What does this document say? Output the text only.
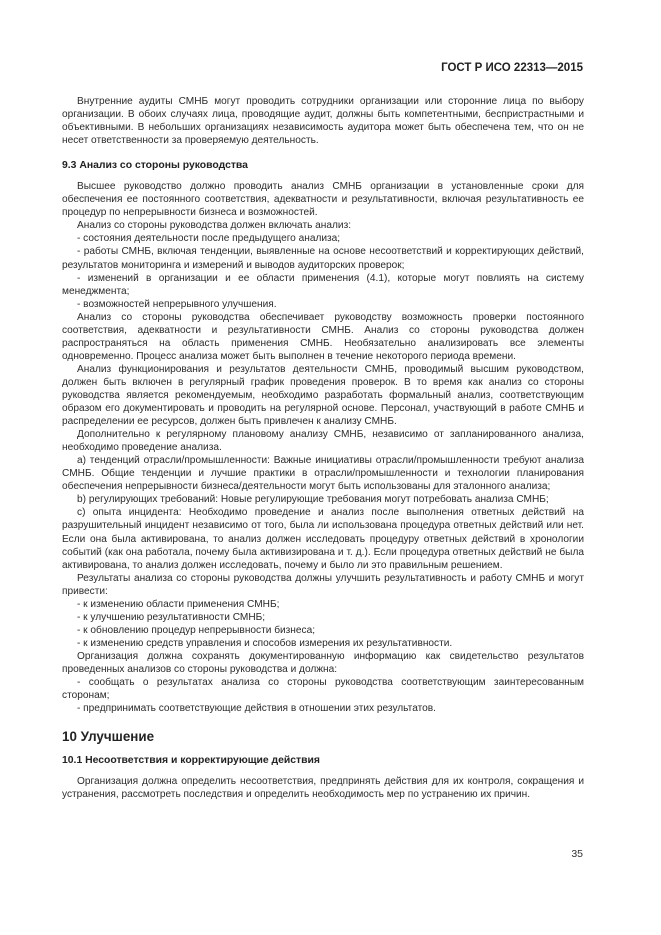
ГОСТ Р ИСО 22313—2015

Внутренние аудиты СМНБ могут проводить сотрудники организации или сторонние лица по выбору организации. В обоих случаях лица, проводящие аудит, должны быть компетентными, беспристрастными и объективными. В небольших организациях независимость аудитора может быть обеспечена тем, что он не несет ответственности за проверяемую деятельность.

9.3 Анализ со стороны руководства

Высшее руководство должно проводить анализ СМНБ организации в установленные сроки для обеспечения ее постоянного соответствия, адекватности и результативности, включая результативность ее процедур по непрерывности бизнеса и возможностей.

Анализ со стороны руководства должен включать анализ:

- состояния деятельности после предыдущего анализа;

- работы СМНБ, включая тенденции, выявленные на основе несоответствий и корректирующих действий, результатов мониторинга и измерений и выводов аудиторских проверок;

- изменений в организации и ее области применения (4.1), которые могут повлиять на систему менеджмента;

- возможностей непрерывного улучшения.

Анализ со стороны руководства обеспечивает руководству возможность проверки постоянного соответствия, адекватности и результативности СМНБ. Анализ со стороны руководства должен распространяться на область применения СМНБ. Необязательно анализировать все элементы одновременно. Процесс анализа может быть выполнен в течение некоторого периода времени.

Анализ функционирования и результатов деятельности СМНБ, проводимый высшим руководством, должен быть включен в регулярный график проведения проверок. В то время как анализ со стороны руководства является рекомендуемым, необходимо разработать формальный анализ, соответствующим образом его документировать и проводить на регулярной основе. Персонал, участвующий в работе СМНБ и распределении ее ресурсов, должен быть привлечен к анализу СМНБ.

Дополнительно к регулярному плановому анализу СМНБ, независимо от запланированного анализа, необходимо проведение анализа.

a) тенденций отрасли/промышленности: Важные инициативы отрасли/промышленности требуют анализа СМНБ. Общие тенденции и лучшие практики в отрасли/промышленности и технологии планирования обеспечения непрерывности бизнеса/деятельности могут быть использованы для эталонного анализа;

b) регулирующих требований: Новые регулирующие требования могут потребовать анализа СМНБ;

c) опыта инцидента: Необходимо проведение и анализ после выполнения ответных действий на разрушительный инцидент независимо от того, была ли использована процедура ответных действий или нет. Если она была активирована, то анализ должен исследовать процедуру ответных действий в хронологии событий (как она работала, почему была активизирована и т. д.). Если процедура ответных действий не была активирована, то анализ должен исследовать, почему и было ли это правильным решением.

Результаты анализа со стороны руководства должны улучшить результативность и работу СМНБ и могут привести:

- к изменению области применения СМНБ;

- к улучшению результативности СМНБ;

- к обновлению процедур непрерывности бизнеса;

- к изменению средств управления и способов измерения их результативности.

Организация должна сохранять документированную информацию как свидетельство результатов проведенных анализов со стороны руководства и должна:

- сообщать о результатах анализа со стороны руководства соответствующим заинтересованным сторонам;

- предпринимать соответствующие действия в отношении этих результатов.

10 Улучшение

10.1 Несоответствия и корректирующие действия

Организация должна определить несоответствия, предпринять действия для их контроля, сокращения и устранения, рассмотреть последствия и определить необходимость мер по устранению их причин.

35
